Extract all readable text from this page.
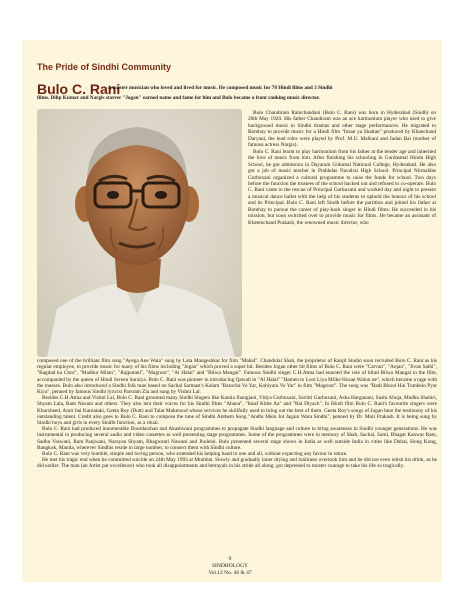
The Pride of Sindhi Community
Bulo C. Rani

- A master musician who loved and lived for music. He composed music for 78 Hindi films and 3 Sindhi

films. Dilip Kumar and Nargis starrer "Jogan" earned name and fame for him and Bulo became a front ranking music director.

Bulo Chandiram Ramchandani (Bulo C. Rani) was born in Hyderabad (Sindh) on 20th May 1920. His father Chandiram was an ace harmonium player who used to give background music to Sindhi dramas and other stage performances. He migrated to Bombay to provide music for a Hindi film "Insan ya Shaitan" produced by Khanchand Daryani, the lead roles were played by Prof. M.U. Malkani and Jadan Bai (mother of famous actress Nargis).

Bulo C. Rani learnt to play harmonium from his father at the tender age and inherited the love of music from him. After finishing his schooling in Gurdasmal Hindu High School, he got admission in Dayaram Gidumal National College, Hyderabad. He also got a job of music teacher in Prabhdas Navalrai High School. Principal Nirmaldas Gurbuxani organized a cultural programme to raise the funds for school. Two days before the function the trustees of the school backed out and refused to co-operate. Bulo C. Rani came to the rescue of Principal Gurbuxani and worked day and night to present a musical dance ballet with the help of his students to uphold the honour of his school and its Principal. Bulo C. Rani left Sindh before the partition and joined his father at Bombay to pursue the career of play-back singer in Hindi films. He succeeded in his mission, but soon switched over to provide music for films. He became an assistant of Kheemchand Prakash, the renowned music director, who

composed one of the brilliant film song "Ayega Ane Wala" sung by Lata Mangeshkar for film "Mahal". Chandulal Shah, the proprietor of Ranjit Studio soon recruited Bulo C. Rani as his regular employee, to provide music for many of his films including "Jogan" which proved a super hit. Besides Jogan other hit films of Bulo C. Rani were "Carvan", "Anjan", "Jivan Sathi", "Bagdad ka Chor", "Madhur Milan", "Rajputani", "Magroor", "Al Halal" and "Bilwa Mangal". Famous Sindhi singer C.H.Atma had enacted the role of blind Bilwa Mangal in the film, accompanied by the queen of Hindi Screen Suraiya. Bulo C. Rani was pioneer in introducing Qawali in "Al Halal" "Hamen to Loot Liya Milke Husan Walon ne", which became a rage with the masses. Bulo also introduced a Sindhi folk tune based on Sachal Sarmast's Kalam "Barocha Vo Yar, Kohiyara Vo Yar" in film "Magroor". The song was "Badi Bhool Hui Tumhein Pyar Kiya", penned by famous Sindhi lyricist Parsram Zia and sung by Vishni Lal.

Besides C.H.Atma and Vishni Lal, Bulo C. Rani groomed many Sindhi Singers like Kamla Jhangiani, Vidya Gurbuxani, Savitri Gurbuxani, Asha Harganani, Sushi Ahuja, Madhu Shahiri, Shyam Lala, Ram Navani and others. They also lent their voices for his Sindhi films "Abana", "Insaf Kithe Aa" and "Rai Diyach". In Hindi film Bulo C. Rani's favourite singers were Khursheed, Amir bai Karnataki, Geeta Roy (Dutt) and Talat Mahmood whose services he skillfully used to bring out the best of them. Geeta Roy's songs of Jogan bear the testimony of his outstanding talent. Credit also goes to Bulo C. Rani to compose the tune of Sindhi Anthem Song "Andhi Mein Jot Jagain Wara Sindhi", penned by Dr. Moti Prakash. It is being sung by Sindhi boys and girls in every Sindhi function, as a ritual.

Bulo C. Rani had produced innumerable Doordarshan and Akashwani programmes to propagate Sindhi language and culture to bring awareness in Sindhi younger generations. He was instrumental in producing several audio and video cassettes as well presenting stage programmes. Some of the programmes were in memory of Shah, Sachal, Sami, Bhagat Kanwar Ram, Sadhu Vaswani, Ram Panjwani, Narayan Shyam, Bhagwanti Nawani and Jhulelal. Bulo presented several stage shows in India as well outside India in cities like Dubai, Hong Kong, Bangkok, Manila, wherever Sindhis reside in large number, to connect them with Sindhi culture.

Bulo C. Rani was very humble, simple and loving person, who extended his helping hand to one and all, without expecting any favour in return.

He met his tragic end when he committed suicide on 24th May 1993 at Mumbai. Slowly and gradually inner drying and lonliness overtook him and he did not even relish his drink, as he did earlier. The man (an Artist par excellence) who took all disappointments and betrayals in his stride all along; got depressed to muster courage to take his life so tragically.

9

SINDHOLOGY

Vol.12 No. 46 & 47
